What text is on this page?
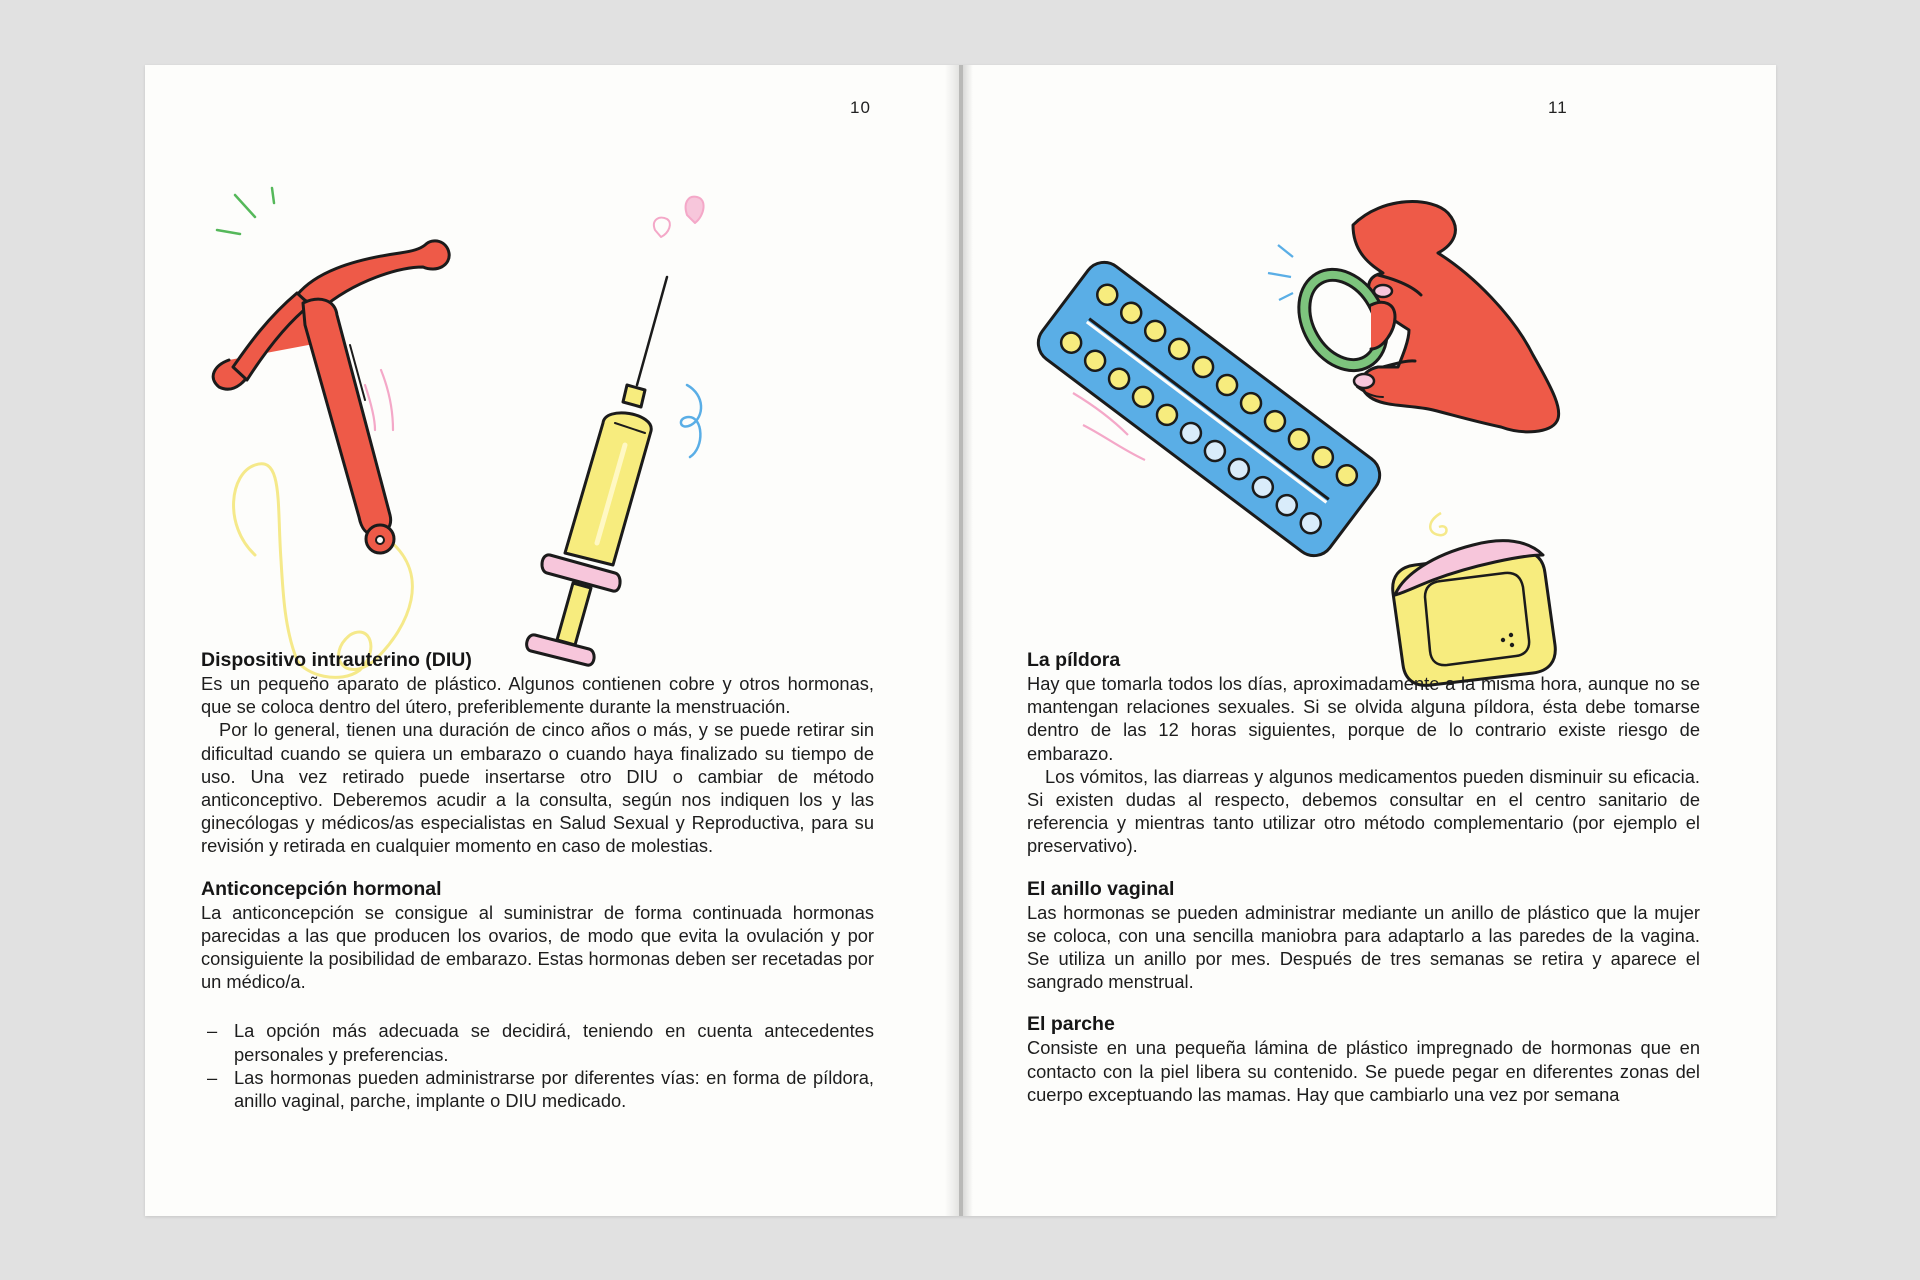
10
Dispositivo intrauterino (DIU)

Es un pequeño aparato de plástico. Algunos contienen cobre y otros hormonas, que se coloca dentro del útero, preferiblemente durante la menstruación.

Por lo general, tienen una duración de cinco años o más, y se puede retirar sin dificultad cuando se quiera un embarazo o cuando haya finalizado su tiempo de uso. Una vez retirado puede insertarse otro DIU o cambiar de método anticonceptivo. Deberemos acudir a la consulta, según nos indiquen los y las ginecólogas y médicos/as especialistas en Salud Sexual y Reproductiva, para su revisión y retirada en cualquier momento en caso de molestias.

Anticoncepción hormonal

La anticoncepción se consigue al suministrar de forma continuada hormonas parecidas a las que producen los ovarios, de modo que evita la ovulación y por consiguiente la posibilidad de embarazo. Estas hormonas deben ser recetadas por un médico/a.

– La opción más adecuada se decidirá, teniendo en cuenta antecedentes personales y preferencias.
– Las hormonas pueden administrarse por diferentes vías: en forma de píldora, anillo vaginal, parche, implante o DIU medicado.
11
La píldora

Hay que tomarla todos los días, aproximadamente a la misma hora, aunque no se mantengan relaciones sexuales. Si se olvida alguna píldora, ésta debe tomarse dentro de las 12 horas siguientes, porque de lo contrario existe riesgo de embarazo.

Los vómitos, las diarreas y algunos medicamentos pueden disminuir su eficacia. Si existen dudas al respecto, debemos consultar en el centro sanitario de referencia y mientras tanto utilizar otro método complementario (por ejemplo el preservativo).

El anillo vaginal

Las hormonas se pueden administrar mediante un anillo de plástico que la mujer se coloca, con una sencilla maniobra para adaptarlo a las paredes de la vagina. Se utiliza un anillo por mes. Después de tres semanas se retira y aparece el sangrado menstrual.

El parche

Consiste en una pequeña lámina de plástico impregnado de hormonas que en contacto con la piel libera su contenido. Se puede pegar en diferentes zonas del cuerpo exceptuando las mamas. Hay que cambiarlo una vez por semana
